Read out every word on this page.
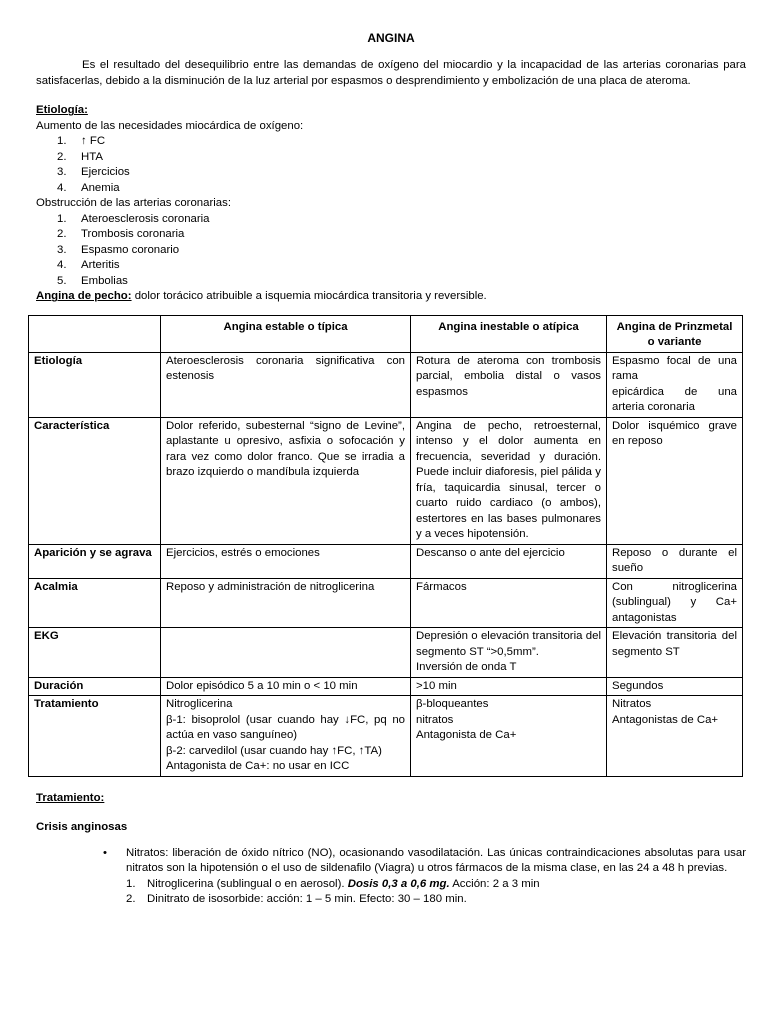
ANGINA

Es el resultado del desequilibrio entre las demandas de oxígeno del miocardio y la incapacidad de las arterias coronarias para satisfacerlas, debido a la disminución de la luz arterial por espasmos o desprendimiento y embolización de una placa de ateroma.

Etiología:
Aumento de las necesidades miocárdica de oxígeno:
1. ↑ FC
2. HTA
3. Ejercicios
4. Anemia
Obstrucción de las arterias coronarias:
1. Ateroesclerosis coronaria
2. Trombosis coronaria
3. Espasmo coronario
4. Arteritis
5. Embolias
Angina de pecho: dolor torácico atribuible a isquemia miocárdica transitoria y reversible.
	Angina estable o típica	Angina inestable o atípica	Angina de Prinzmetal o variante
Etiología	Ateroesclerosis coronaria significativa con estenosis	Rotura de ateroma con trombosis parcial, embolia distal o vasos espasmos	Espasmo focal de una rama
epicárdica de una arteria coronaria

Característica	Dolor referido, subesternal “signo de Levine”, aplastante u opresivo, asfixia o sofocación y rara vez como dolor franco. Que se irradia a brazo izquierdo o mandíbula izquierda	Angina de pecho, retroesternal, intenso y el dolor aumenta en frecuencia, severidad y duración. Puede incluir diaforesis, piel pálida y fría, taquicardia sinusal, tercer o cuarto ruido cardiaco (o ambos), estertores en las bases pulmonares y a veces hipotensión.	Dolor isquémico grave en reposo

Aparición y se agrava	Ejercicios, estrés o emociones	Descanso o ante del ejercicio	Reposo o durante el sueño

Acalmia	Reposo y administración de nitroglicerina	Fármacos	Con nitroglicerina (sublingual) y Ca+ antagonistas

EKG		Depresión o elevación transitoria del segmento ST “>0,5mm”.
Inversión de onda T	Elevación transitoria del segmento ST

Duración	Dolor episódico 5 a 10 min o < 10 min	>10 min	Segundos

Tratamiento	Nitroglicerina
β-1: bisoprolol (usar cuando hay ↓FC, pq no actúa en vaso sanguíneo)
β-2: carvedilol (usar cuando hay ↑FC, ↑TA)
Antagonista de Ca+: no usar en ICC	β-bloqueantes
nitratos
Antagonista de Ca+	Nitratos
Antagonistas de Ca+
Tratamiento:
Crisis anginosas
• Nitratos: liberación de óxido nítrico (NO), ocasionando vasodilatación. Las únicas contraindicaciones absolutas para usar nitratos son la hipotensión o el uso de sildenafilo (Viagra) u otros fármacos de la misma clase, en las 24 a 48 h previas.
1. Nitroglicerina (sublingual o en aerosol). Dosis 0,3 a 0,6 mg. Acción: 2 a 3 min
2. Dinitrato de isosorbide: acción: 1 – 5 min. Efecto: 30 – 180 min.
